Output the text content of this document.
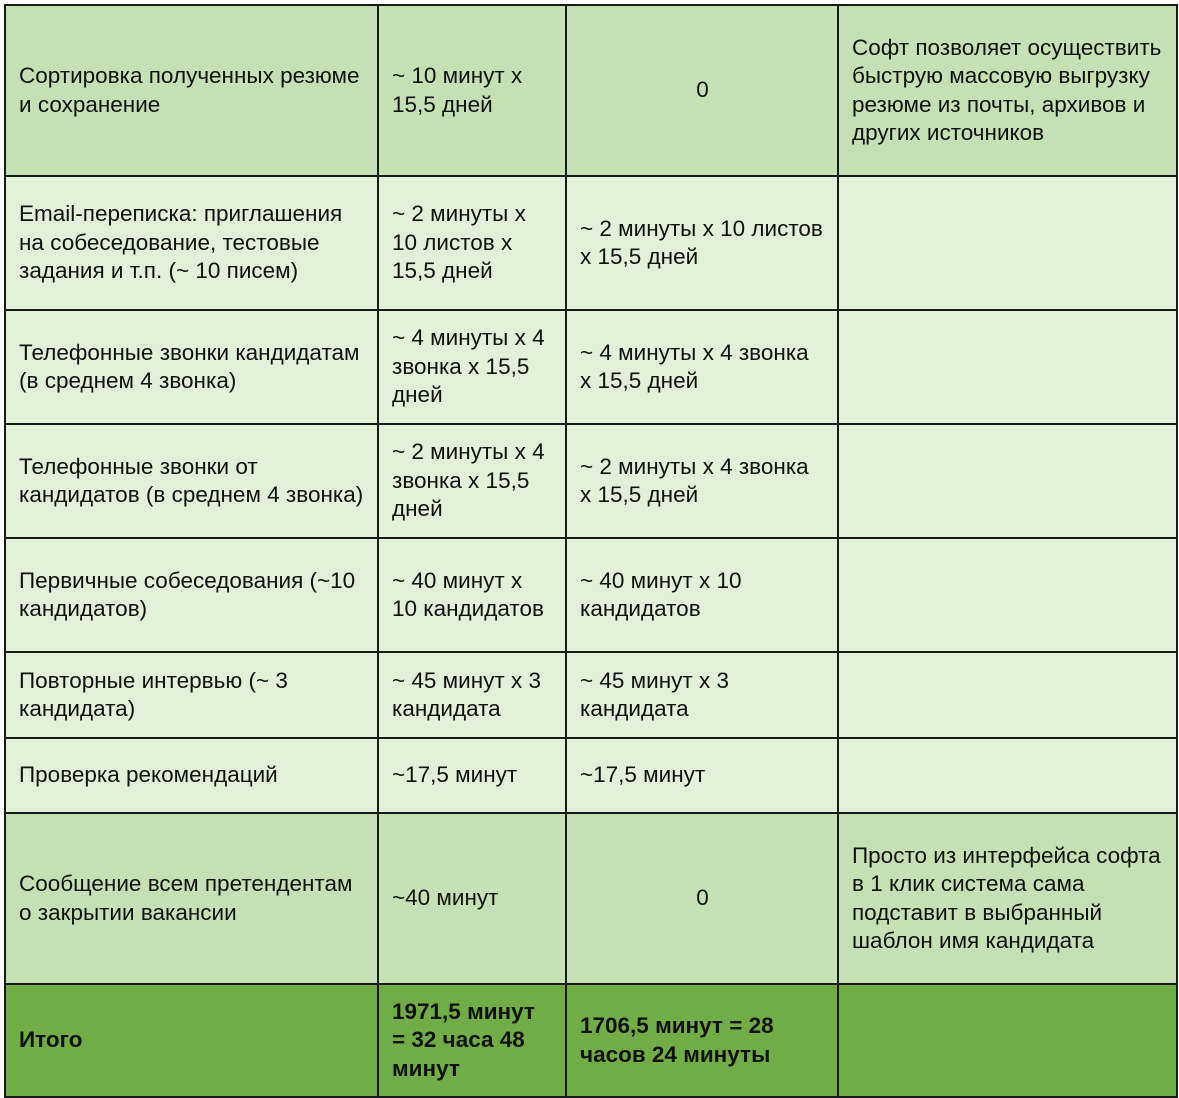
Сортировка полученных резюме и сохранение	~ 10 минут х 15,5 дней	0	Софт позволяет осуществить быструю массовую выгрузку резюме из почты, архивов и других источников
Email-переписка: приглашения на собеседование, тестовые задания и т.п. (~ 10 писем)	~ 2 минуты х 10 листов х 15,5 дней	~ 2 минуты х 10 листов х 15,5 дней	
Телефонные звонки кандидатам (в среднем 4 звонка)	~ 4 минуты х 4 звонка х 15,5 дней	~ 4 минуты х 4 звонка х 15,5 дней	
Телефонные звонки от кандидатов (в среднем 4 звонка)	~ 2 минуты х 4 звонка х 15,5 дней	~ 2 минуты х 4 звонка х 15,5 дней	
Первичные собеседования (~10 кандидатов)	~ 40 минут х 10 кандидатов	~ 40 минут х 10 кандидатов	
Повторные интервью (~ 3 кандидата)	~ 45 минут х 3 кандидата	~ 45 минут х 3 кандидата	
Проверка рекомендаций	~17,5 минут	~17,5 минут	
Сообщение всем претендентам о закрытии вакансии	~40 минут	0	Просто из интерфейса софта в 1 клик система сама подставит в выбранный шаблон имя кандидата
Итого	1971,5 минут = 32 часа 48 минут	1706,5 минут = 28 часов 24 минуты	
